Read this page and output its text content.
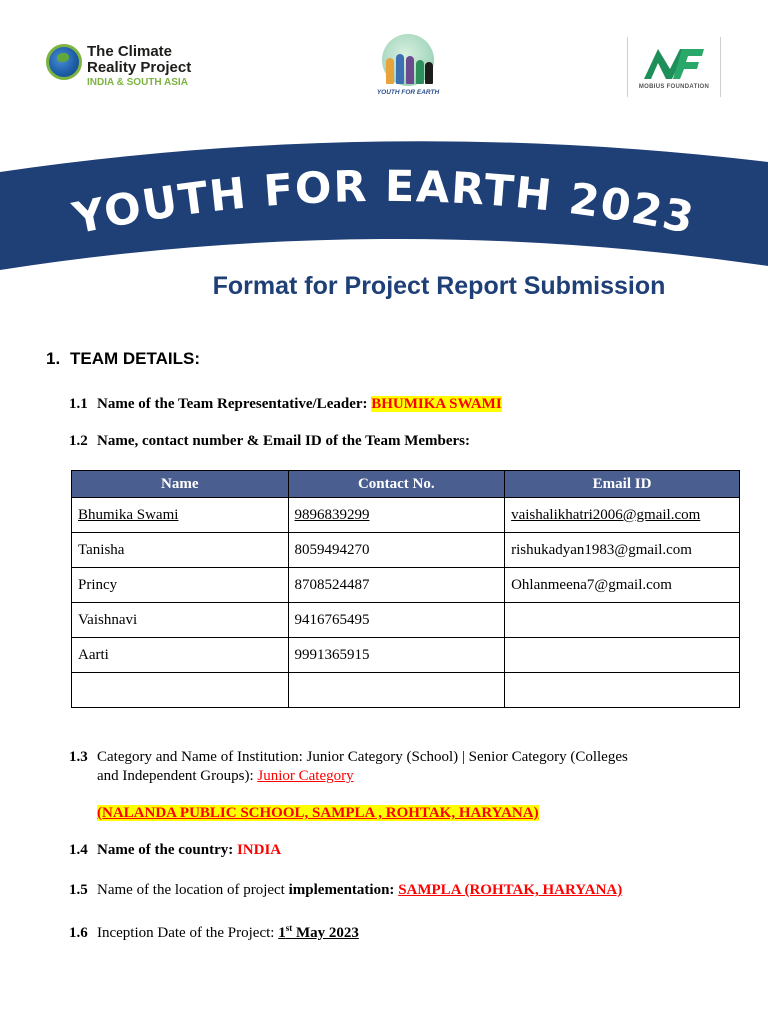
The Climate
Reality Project
INDIA & SOUTH ASIA
YOUTH FOR EARTH
MOBIUS FOUNDATION
YOUTH FOR EARTH 2023
Format for Project Report Submission
1. TEAM DETAILS:
1.1 Name of the Team Representative/Leader: BHUMIKA SWAMI
1.2 Name, contact number & Email ID of the Team Members:
Name	Contact No.	Email ID
Bhumika Swami	9896839299	vaishalikhatri2006@gmail.com
Tanisha	8059494270	rishukadyan1983@gmail.com
Princy	8708524487	Ohlanmeena7@gmail.com
Vaishnavi	9416765495	
Aarti	9991365915	

1.3 Category and Name of Institution: Junior Category (School) | Senior Category (Colleges
and Independent Groups): Junior Category
(NALANDA PUBLIC SCHOOL, SAMPLA , ROHTAK, HARYANA)
1.4 Name of the country: INDIA
1.5 Name of the location of project implementation: SAMPLA (ROHTAK, HARYANA)
1.6 Inception Date of the Project: 1st May 2023
